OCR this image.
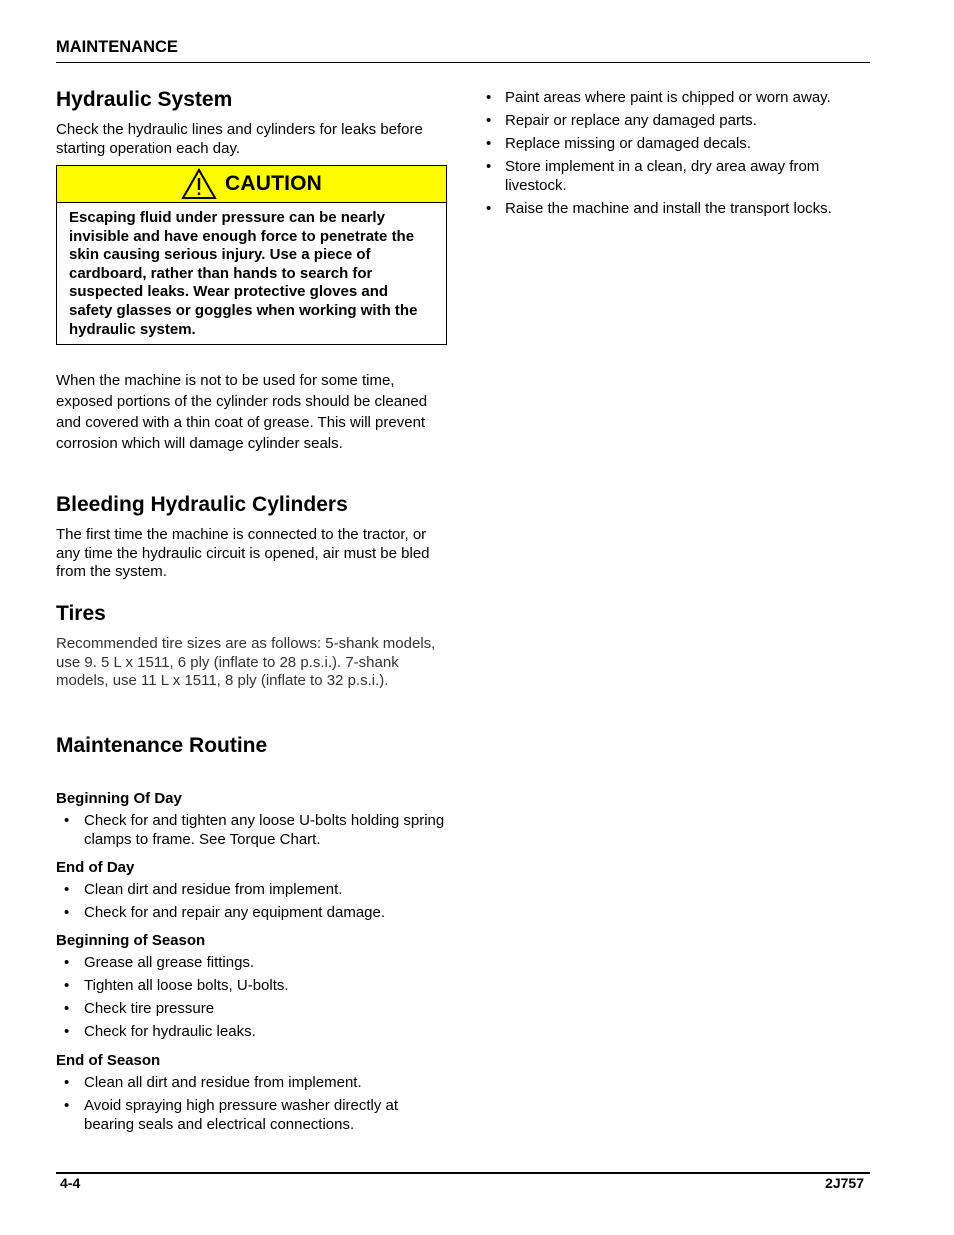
MAINTENANCE
Hydraulic System

Check the hydraulic lines and cylinders for leaks before starting operation each day.

CAUTION
Escaping fluid under pressure can be nearly invisible and have enough force to penetrate the skin causing serious injury. Use a piece of cardboard, rather than hands to search for suspected leaks. Wear protective gloves and safety glasses or goggles when working with the hydraulic system.

When the machine is not to be used for some time, exposed portions of the cylinder rods should be cleaned and covered with a thin coat of grease. This will prevent corrosion which will damage cylinder seals.

Bleeding Hydraulic Cylinders

The first time the machine is connected to the tractor, or any time the hydraulic circuit is opened, air must be bled from the system.

Tires

Recommended tire sizes are as follows: 5-shank models, use 9. 5 L x 1511, 6 ply (inflate to 28 p.s.i.). 7-shank models, use 11 L x 1511, 8 ply (inflate to 32 p.s.i.).

Maintenance Routine
Beginning Of Day
• Check for and tighten any loose U-bolts holding spring clamps to frame. See Torque Chart.
End of Day
• Clean dirt and residue from implement.
• Check for and repair any equipment damage.
Beginning of Season
• Grease all grease fittings.
• Tighten all loose bolts, U-bolts.
• Check tire pressure
• Check for hydraulic leaks.
End of Season
• Clean all dirt and residue from implement.
• Avoid spraying high pressure washer directly at bearing seals and electrical connections.
• Paint areas where paint is chipped or worn away.
• Repair or replace any damaged parts.
• Replace missing or damaged decals.
• Store implement in a clean, dry area away from livestock.
• Raise the machine and install the transport locks.
4-4	2J757
